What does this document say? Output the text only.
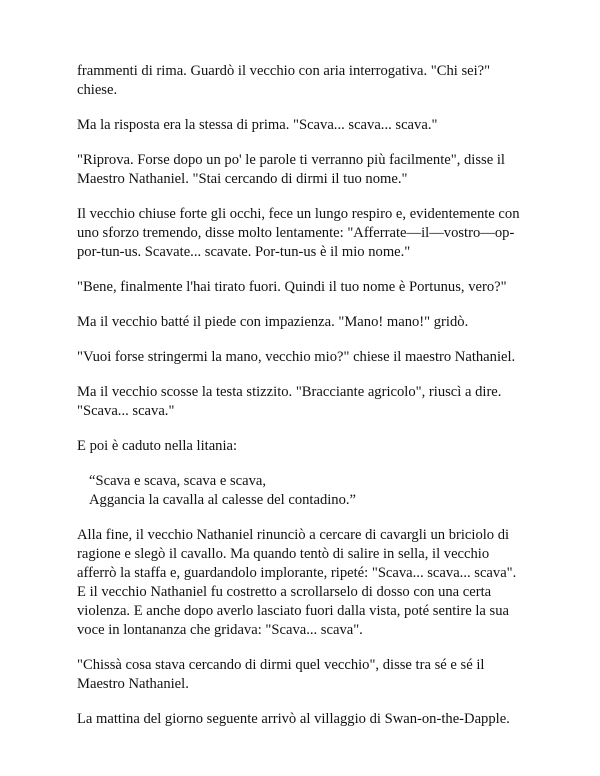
frammenti di rima. Guardò il vecchio con aria interrogativa. "Chi sei?"
chiese.

Ma la risposta era la stessa di prima. "Scava... scava... scava."

"Riprova. Forse dopo un po' le parole ti verranno più facilmente", disse il
Maestro Nathaniel. "Stai cercando di dirmi il tuo nome."

Il vecchio chiuse forte gli occhi, fece un lungo respiro e, evidentemente con
uno sforzo tremendo, disse molto lentamente: "Afferrate—il—vostro—op-
por-tun-us. Scavate... scavate. Por-tun-us è il mio nome."

"Bene, finalmente l'hai tirato fuori. Quindi il tuo nome è Portunus, vero?"

Ma il vecchio batté il piede con impazienza. "Mano! mano!" gridò.

"Vuoi forse stringermi la mano, vecchio mio?" chiese il maestro Nathaniel.

Ma il vecchio scosse la testa stizzito. "Bracciante agricolo", riuscì a dire.
"Scava... scava."

E poi è caduto nella litania:

“Scava e scava, scava e scava,
Aggancia la cavalla al calesse del contadino.”

Alla fine, il vecchio Nathaniel rinunciò a cercare di cavargli un briciolo di
ragione e slegò il cavallo. Ma quando tentò di salire in sella, il vecchio
afferrò la staffa e, guardandolo implorante, ripeté: "Scava... scava... scava".
E il vecchio Nathaniel fu costretto a scrollarselo di dosso con una certa
violenza. E anche dopo averlo lasciato fuori dalla vista, poté sentire la sua
voce in lontananza che gridava: "Scava... scava".

"Chissà cosa stava cercando di dirmi quel vecchio", disse tra sé e sé il
Maestro Nathaniel.

La mattina del giorno seguente arrivò al villaggio di Swan-on-the-Dapple.
